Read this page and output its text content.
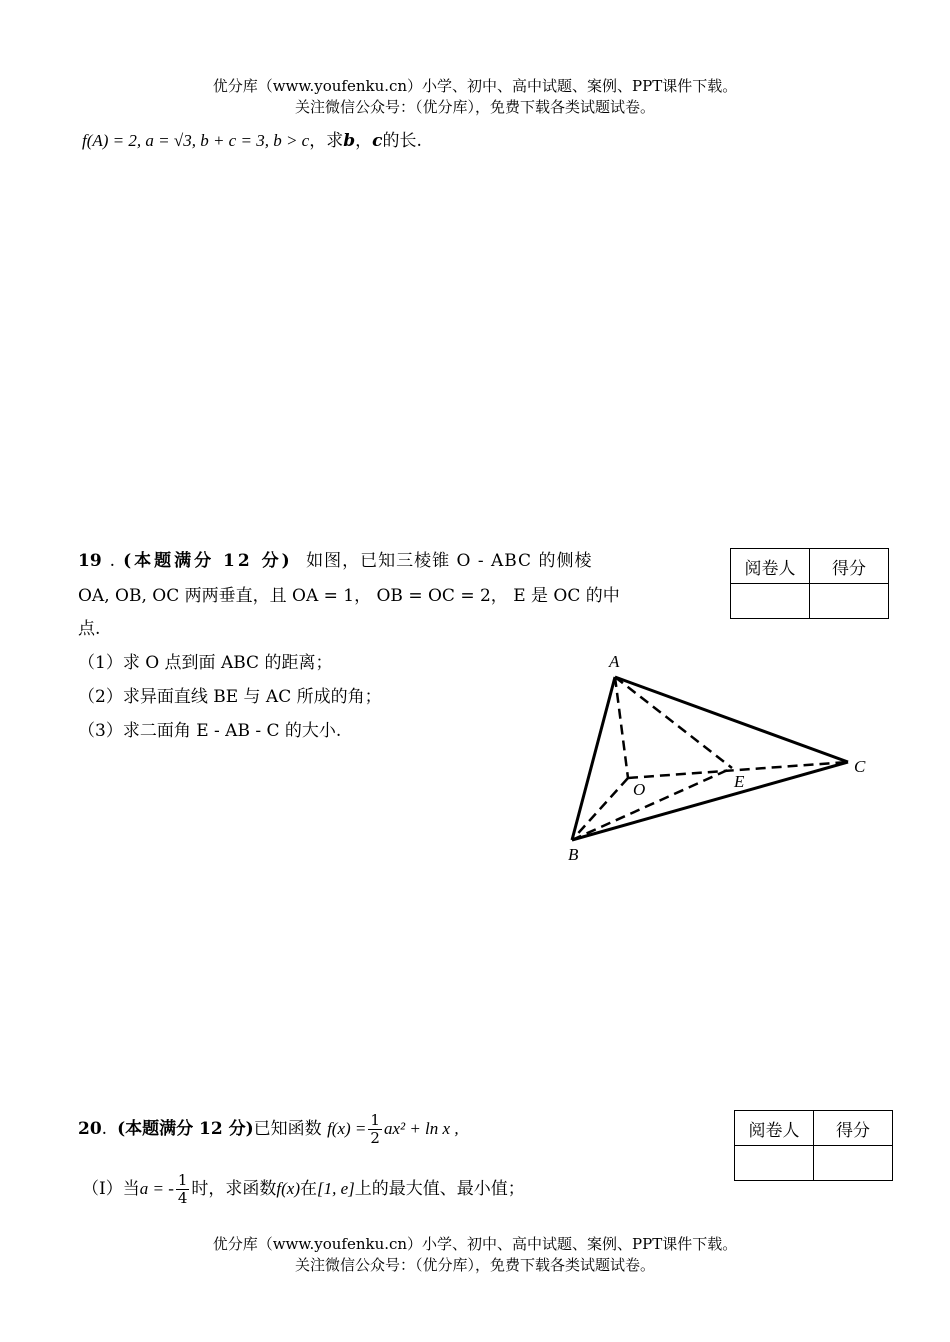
优分库（www.youfenku.cn）小学、初中、高中试题、案例、PPT课件下载。
关注微信公众号：（优分库），免费下载各类试题试卷。
f(A) = 2, a = √3, b + c = 3, b > c，求b，c的长.
19 . (本题满分 12 分) 如图，已知三棱锥 O - ABC 的侧棱
OA, OB, OC 两两垂直，且 OA = 1， OB = OC = 2， E 是 OC 的中
点.
（1）求 O 点到面 ABC 的距离；
（2）求异面直线 BE 与 AC 所成的角；
（3）求二面角 E - AB - C 的大小.
阅卷人	得分

A
B
C
O	E
20. (本题满分 12 分)已知函数 $f(x) = \frac{1}{2} ax^2 + \ln x$ ,
（Ⅰ）当a = - $\frac{1}{4}$ 时，求函数f(x)在[1, e]上的最大值、最小值；
阅卷人	得分

优分库（www.youfenku.cn）小学、初中、高中试题、案例、PPT课件下载。
关注微信公众号：（优分库），免费下载各类试题试卷。
